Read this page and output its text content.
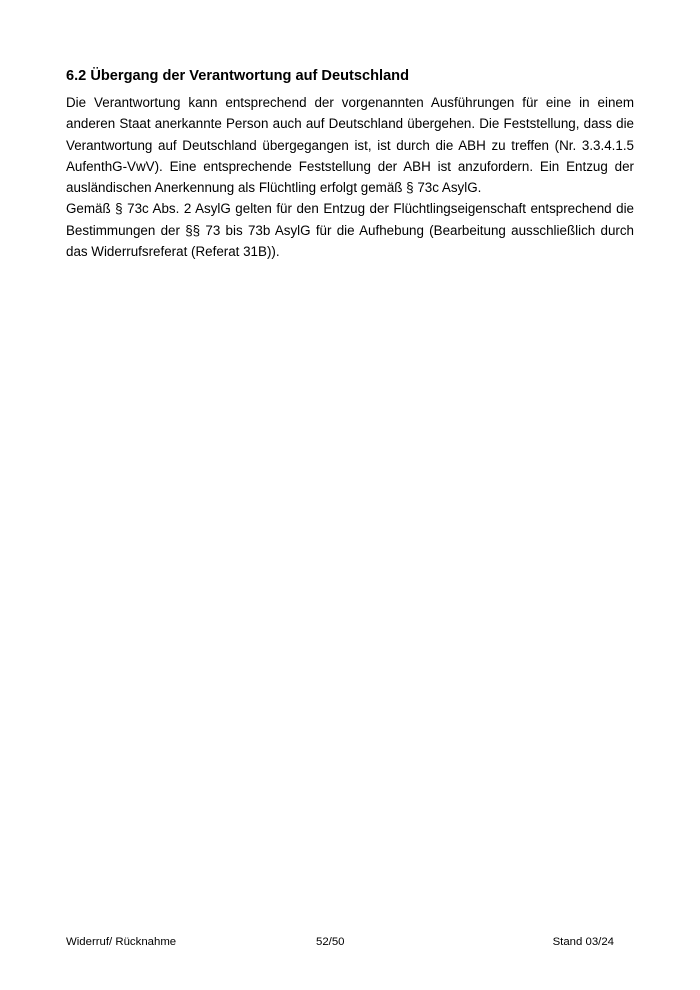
6.2 Übergang der Verantwortung auf Deutschland

Die Verantwortung kann entsprechend der vorgenannten Ausführungen für eine in einem anderen Staat anerkannte Person auch auf Deutschland übergehen. Die Feststellung, dass die Verantwortung auf Deutschland übergegangen ist, ist durch die ABH zu treffen (Nr. 3.3.4.1.5 AufenthG-VwV). Eine entsprechende Feststellung der ABH ist anzufordern. Ein Entzug der ausländischen Anerkennung als Flüchtling erfolgt gemäß § 73c AsylG.

Gemäß § 73c Abs. 2 AsylG gelten für den Entzug der Flüchtlingseigenschaft entsprechend die Bestimmungen der §§ 73 bis 73b AsylG für die Aufhebung (Bearbeitung ausschließlich durch das Widerrufsreferat (Referat 31B)).

Widerruf/ Rücknahme	52/50	Stand 03/24
